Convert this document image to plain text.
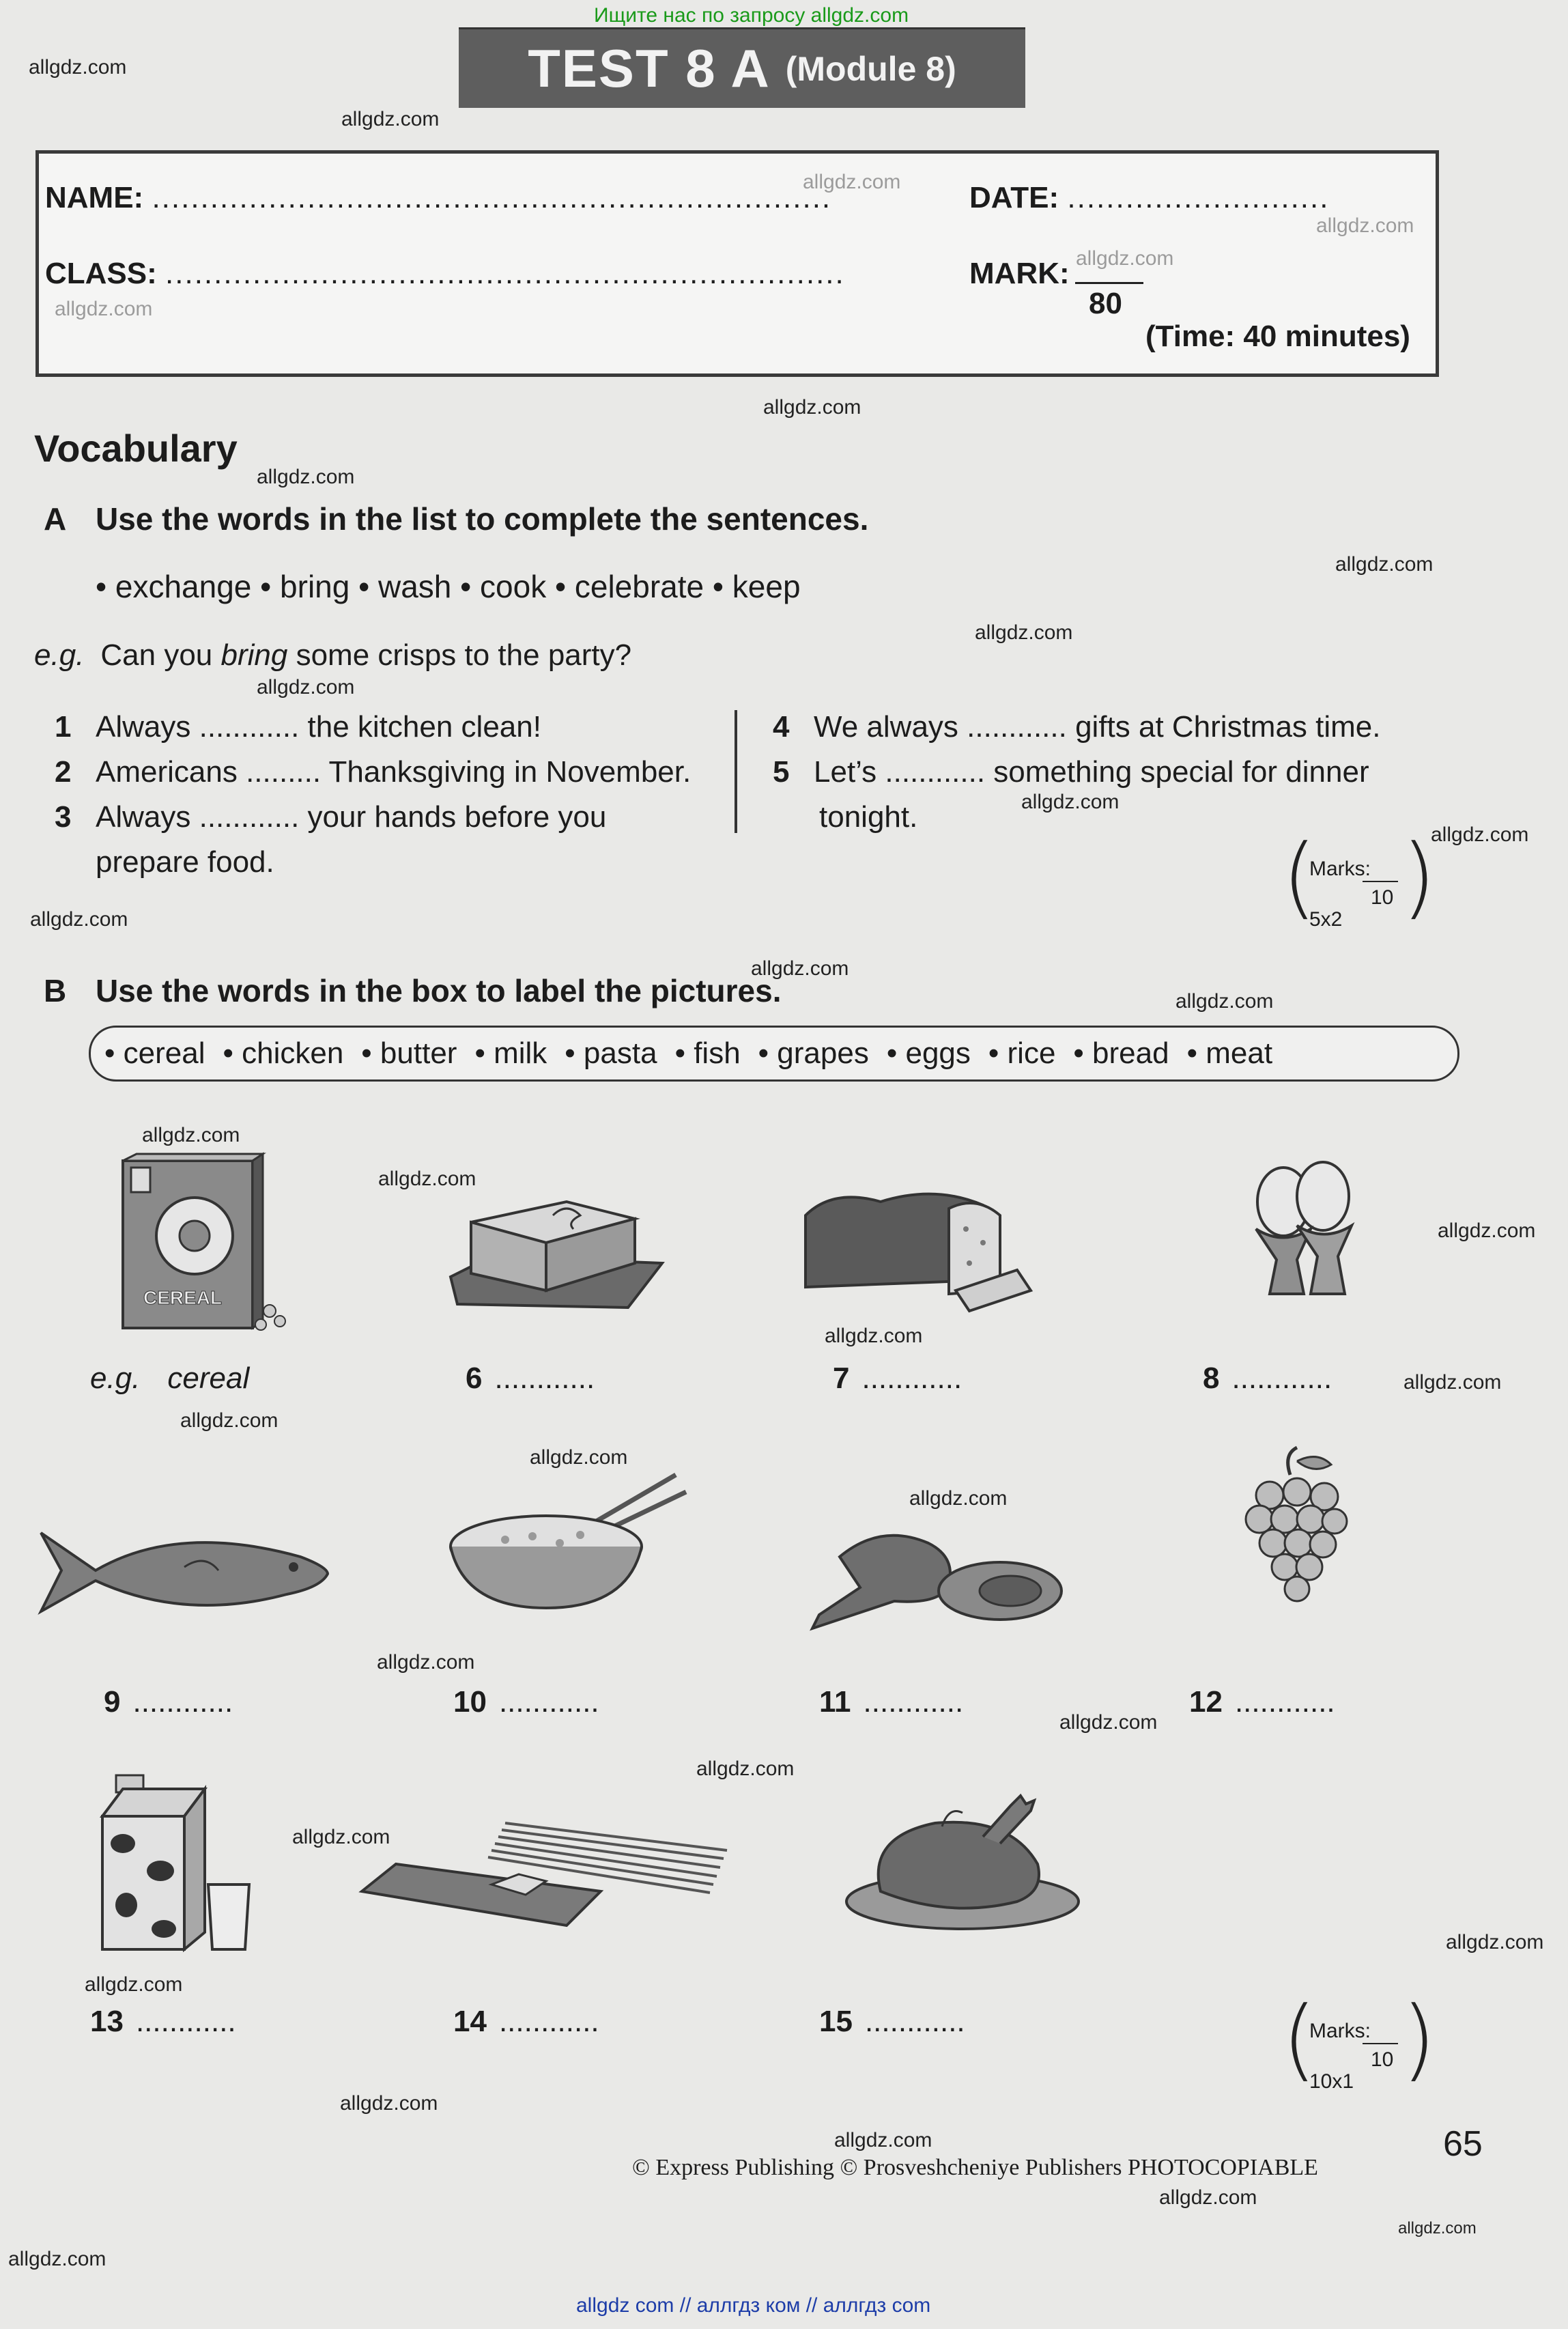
Ищите нас по запросу allgdz.com
allgdz.com
allgdz.com
allgdz.com
allgdz.com
allgdz.com
allgdz.com
allgdz.com
allgdz.com
allgdz.com
allgdz.com
allgdz.com
allgdz.com
allgdz.com
allgdz.com
allgdz.com
allgdz.com
allgdz.com
allgdz.com
allgdz.com
allgdz.com
allgdz.com
allgdz.com
allgdz.com
allgdz.com
allgdz.com
allgdz.com
allgdz.com
allgdz.com
allgdz.com
allgdz.com
allgdz.com
TEST 8 A (Module 8)
NAME: ......................................................................	DATE: ...........................
CLASS: ......................................................................	MARK:
80
(Time: 40 minutes)
Vocabulary
A Use the words in the list to complete the sentences.
• exchange • bring • wash • cook • celebrate • keep
e.g. Can you bring some crisps to the party?
1 Always ............ the kitchen clean!
2 Americans ......... Thanksgiving in November.
3 Always ............ your hands before you
prepare food.
4 We always ............ gifts at Christmas time.
5 Let’s ............ something special for dinner
tonight.
(
Marks:
10
5x2 )
B Use the words in the box to label the pictures.
• cereal • chicken • butter • milk • pasta • fish • grapes • eggs • rice • bread • meat
CEREAL
e.g. cereal	6 ............	7 ............	8 ............
9 ............	10 ............	11 ............	12 ............
13 ............	14 ............	15 ............	(
Marks:
10
10x1 )
65
© Express Publishing © Prosveshcheniye Publishers PHOTOCOPIABLE
allgdz com // аллгдз ком // аллгдз com
